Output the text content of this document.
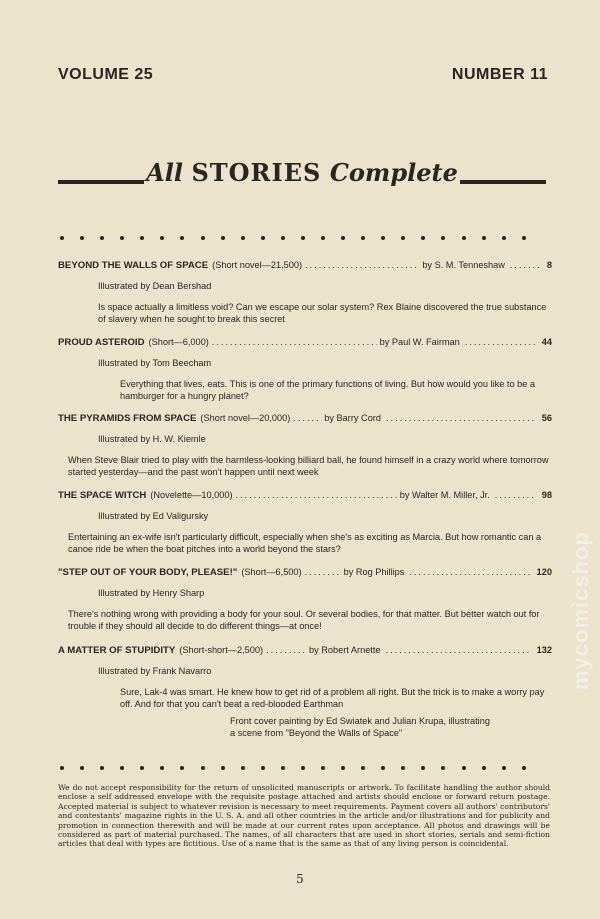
VOLUME 25	NUMBER 11
All STORIES Complete
BEYOND THE WALLS OF SPACE (Short novel—21,500) .....	by S. M. Tenneshaw .....	8
Illustrated by Dean Bershad
Is space actually a limitless void? Can we escape our solar system? Rex Blaine discovered the true substance of slavery when he sought to break this secret
PROUD ASTEROID (Short—6,000) .....	by Paul W. Fairman .....	44
Illustrated by Tom Beecham
Everything that lives, eats. This is one of the primary functions of living. But how would you like to be a hamburger for a hungry planet?
THE PYRAMIDS FROM SPACE (Short novel—20,000) .....	by Barry Cord .....	56
Illustrated by H. W. Kiemle
When Steve Blair tried to play with the harmless-looking billiard ball, he found himself in a crazy world where tomorrow started yesterday—and the past won't happen until next week
THE SPACE WITCH (Novelette—10,000) .....	by Walter M. Miller, Jr. .....	98
Illustrated by Ed Valigursky
Entertaining an ex-wife isn't particularly difficult, especially when she's as exciting as Marcia. But how romantic can a canoe ride be when the boat pitches into a world beyond the stars?
"STEP OUT OF YOUR BODY, PLEASE!" (Short—6,500) .....	by Rog Phillips .....	120
Illustrated by Henry Sharp
There's nothing wrong with providing a body for your soul. Or several bodies, for that matter. But better watch out for trouble if they should all decide to do different things—at once!
A MATTER OF STUPIDITY (Short-short—2,500) .....	by Robert Arnette .....	132
Illustrated by Frank Navarro
Sure, Lak-4 was smart. He knew how to get rid of a problem all right. But the trick is to make a worry pay off. And for that you can't beat a red-blooded Earthman
Front cover painting by Ed Swiatek and Julian Krupa, illustrating a scene from "Beyond the Walls of Space"
We do not accept responsibility for the return of unsolicited manuscripts or artwork. To facilitate handling the author should enclose a self addressed envelope with the requisite postage attached and artists should enclose or forward return postage. Accepted material is subject to whatever revision is necessary to meet requirements. Payment covers all authors' contributors' and contestants' magazine rights in the U. S. A. and all other countries in the article and/or illustrations and for publicity and promotion in connection therewith and will be made at our current rates upon acceptance. All photos and drawings will be considered as part of material purchased. The names, of all characters that are used in short stories, serials and semi-fiction articles that deal with types are fictitious. Use of a name that is the same as that of any living person is coincidental.
5
mycomicshop
